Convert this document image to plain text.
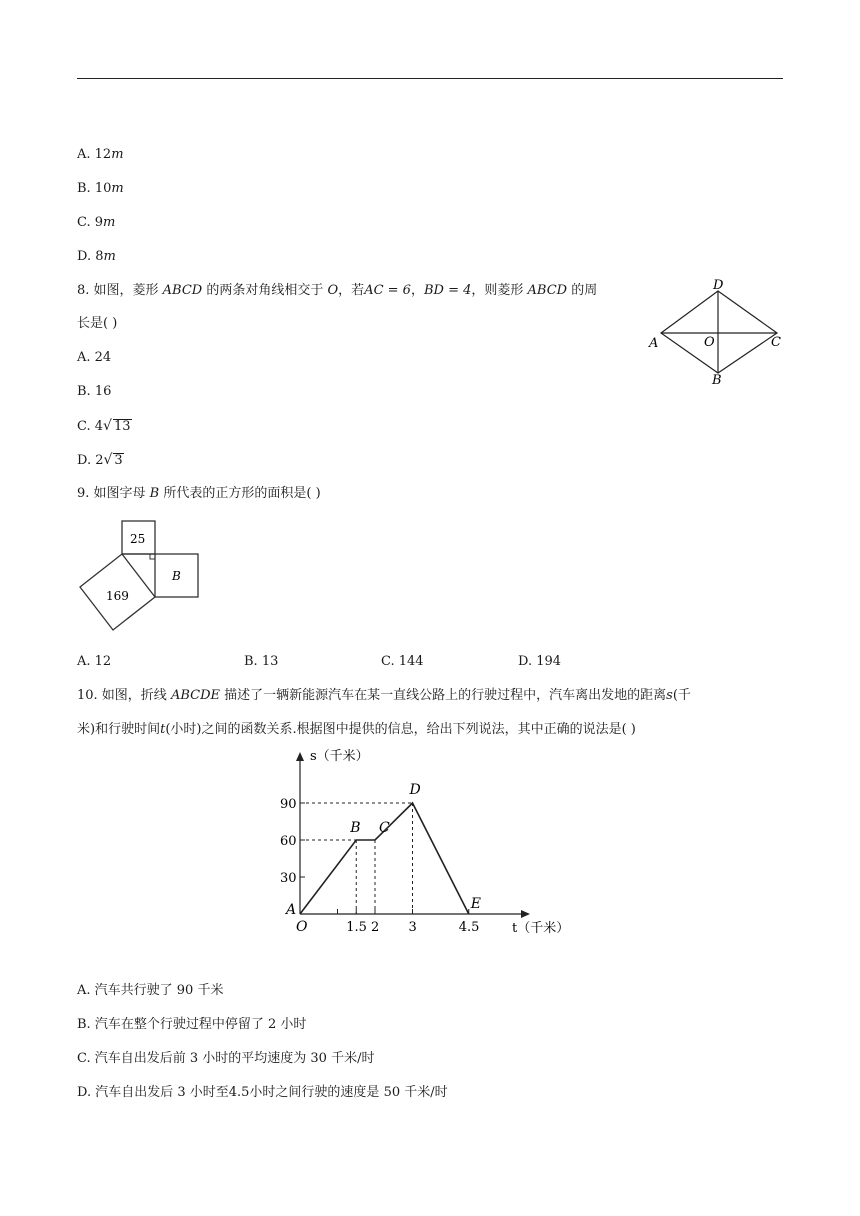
A. 12m
B. 10m
C. 9m
D. 8m
8. 如图，菱形 ABCD 的两条对角线相交于 O，若AC = 6，BD = 4，则菱形 ABCD 的周
长是( )
A. 24
B. 16
C. 4√ 13
D. 2√ 3
D
A	O	C
B
9. 如图字母 B 所代表的正方形的面积是( )
25
B
169
A. 12	B. 13	C. 144	D. 194
10. 如图，折线 ABCDE 描述了一辆新能源汽车在某一直线公路上的行驶过程中，汽车离出发地的距离s(千
米)和行驶时间t(小时)之间的函数关系.根据图中提供的信息，给出下列说法，其中正确的说法是( )
30
60
90
1.5 2 3	4.5
A
B C
D
E
O
s（千米）
t（千米）
A. 汽车共行驶了 90 千米
B. 汽车在整个行驶过程中停留了 2 小时
C. 汽车自出发后前 3 小时的平均速度为 30 千米/时
D. 汽车自出发后 3 小时至4.5小时之间行驶的速度是 50 千米/时
